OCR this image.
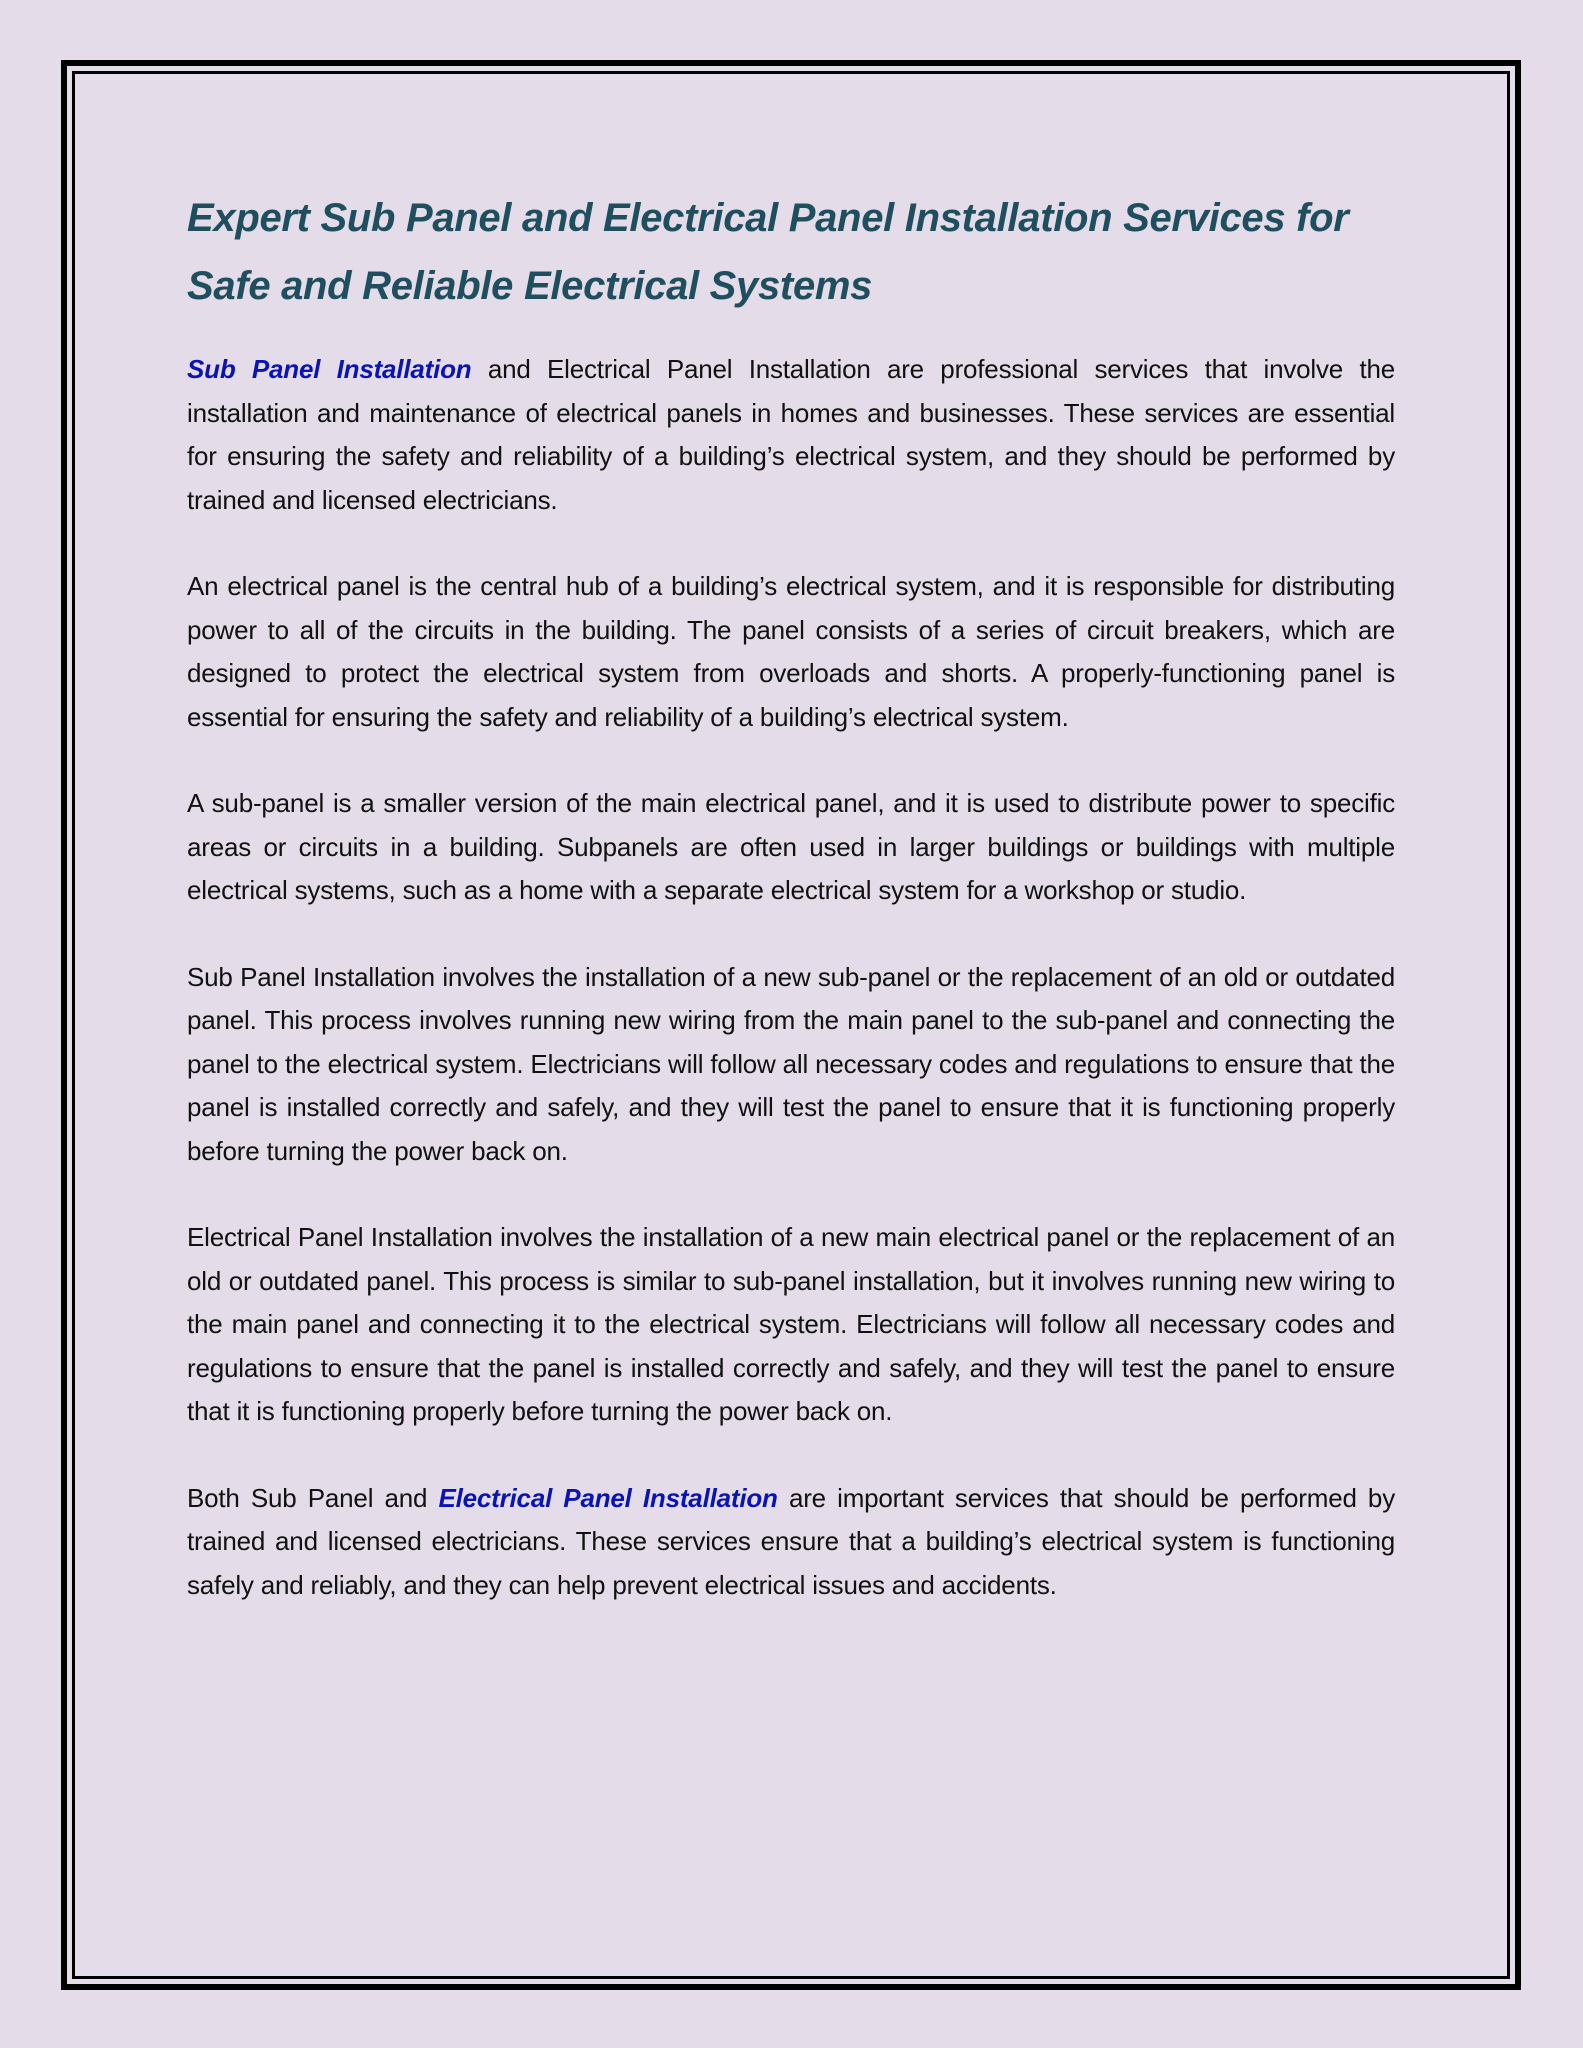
Expert Sub Panel and Electrical Panel Installation Services for Safe and Reliable Electrical Systems

Sub Panel Installation and Electrical Panel Installation are professional services that involve the installation and maintenance of electrical panels in homes and businesses. These services are essential for ensuring the safety and reliability of a building’s electrical system, and they should be performed by trained and licensed electricians.

An electrical panel is the central hub of a building’s electrical system, and it is responsible for distributing power to all of the circuits in the building. The panel consists of a series of circuit breakers, which are designed to protect the electrical system from overloads and shorts. A properly-functioning panel is essential for ensuring the safety and reliability of a building’s electrical system.

A sub-panel is a smaller version of the main electrical panel, and it is used to distribute power to specific areas or circuits in a building. Subpanels are often used in larger buildings or buildings with multiple electrical systems, such as a home with a separate electrical system for a workshop or studio.

Sub Panel Installation involves the installation of a new sub-panel or the replacement of an old or outdated panel. This process involves running new wiring from the main panel to the sub-panel and connecting the panel to the electrical system. Electricians will follow all necessary codes and regulations to ensure that the panel is installed correctly and safely, and they will test the panel to ensure that it is functioning properly before turning the power back on.

Electrical Panel Installation involves the installation of a new main electrical panel or the replacement of an old or outdated panel. This process is similar to sub-panel installation, but it involves running new wiring to the main panel and connecting it to the electrical system. Electricians will follow all necessary codes and regulations to ensure that the panel is installed correctly and safely, and they will test the panel to ensure that it is functioning properly before turning the power back on.

Both Sub Panel and Electrical Panel Installation are important services that should be performed by trained and licensed electricians. These services ensure that a building’s electrical system is functioning safely and reliably, and they can help prevent electrical issues and accidents.
